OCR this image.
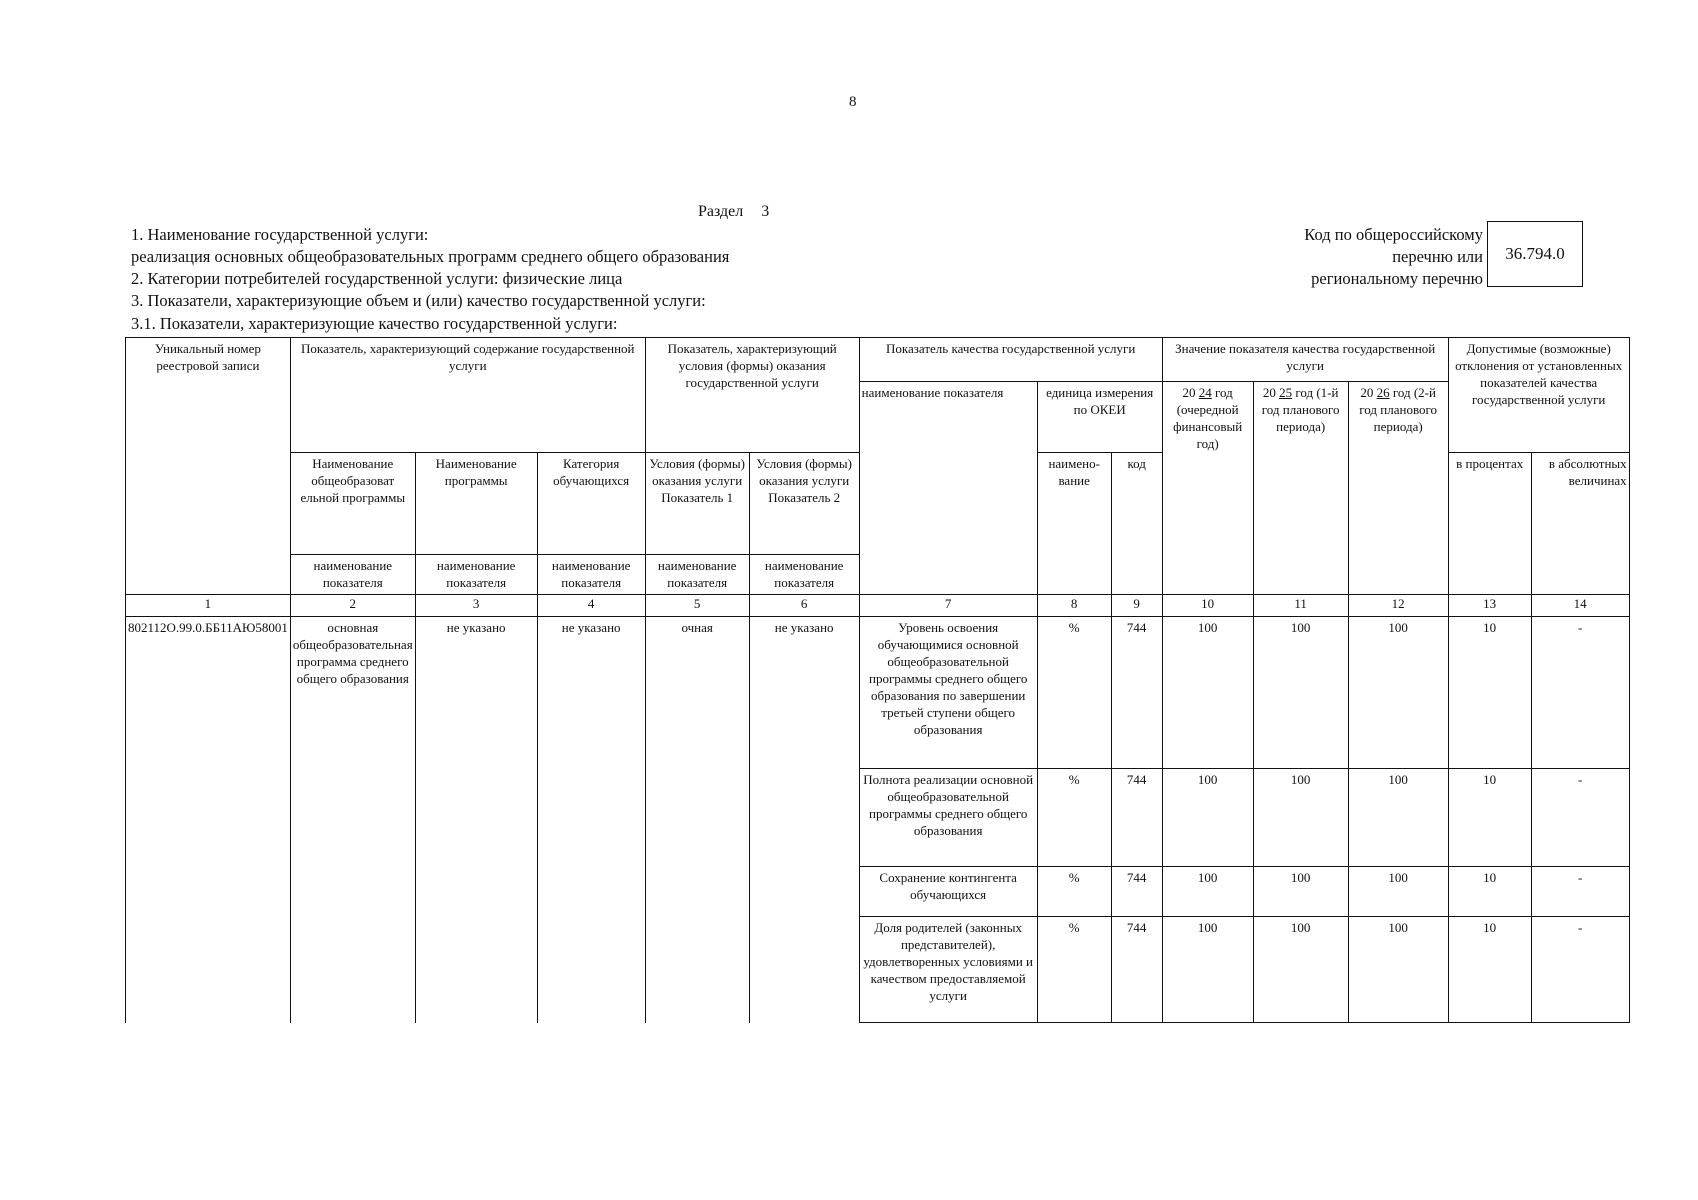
8
Раздел 3
1. Наименование государственной услуги:
реализация основных общеобразовательных программ среднего общего образования
2. Категории потребителей государственной услуги: физические лица
3. Показатели, характеризующие объем и (или) качество государственной услуги:
Код по общероссийскому
перечню или
региональному перечню
36.794.0
3.1. Показатели, характеризующие качество государственной услуги:
Уникальный номер реестровой записи	Показатель, характеризующий содержание государственной услуги			Показатель, характеризующий условия (формы) оказания государственной услуги		Показатель качества государственной услуги			Значение показателя качества государственной услуги			Допустимые (возможные) отклонения от установленных показателей качества государственной услуги	
						наименование показателя	единица измерения по ОКЕИ		20 24 год (очередной финансовый год)	20 25 год (1-й год планового периода)	20 26 год (2-й год планового периода)		
	Наименование общеобразоват ельной программы	Наименование программы	Категория обучающихся	Условия (формы) оказания услуги Показатель 1	Условия (формы) оказания услуги Показатель 2		наимено-вание	код				в процентах	в абсолютных величинах
	наименование показателя	наименование показателя	наименование показателя	наименование показателя	наименование показателя								
1	2	3	4	5	6	7	8	9	10	11	12	13	14
802112О.99.0.ББ11АЮ58001	основная общеобразовательная программа среднего общего образования	не указано	не указано	очная	не указано	Уровень освоения обучающимися основной общеобразовательной программы среднего общего образования по завершении третьей ступени общего образования	%	744	100	100	100	10	-
						Полнота реализации основной общеобразовательной программы среднего общего образования	%	744	100	100	100	10	-
						Сохранение контингента обучающихся	%	744	100	100	100	10	-
						Доля родителей (законных представителей), удовлетворенных условиями и качеством предоставляемой услуги	%	744	100	100	100	10	-
